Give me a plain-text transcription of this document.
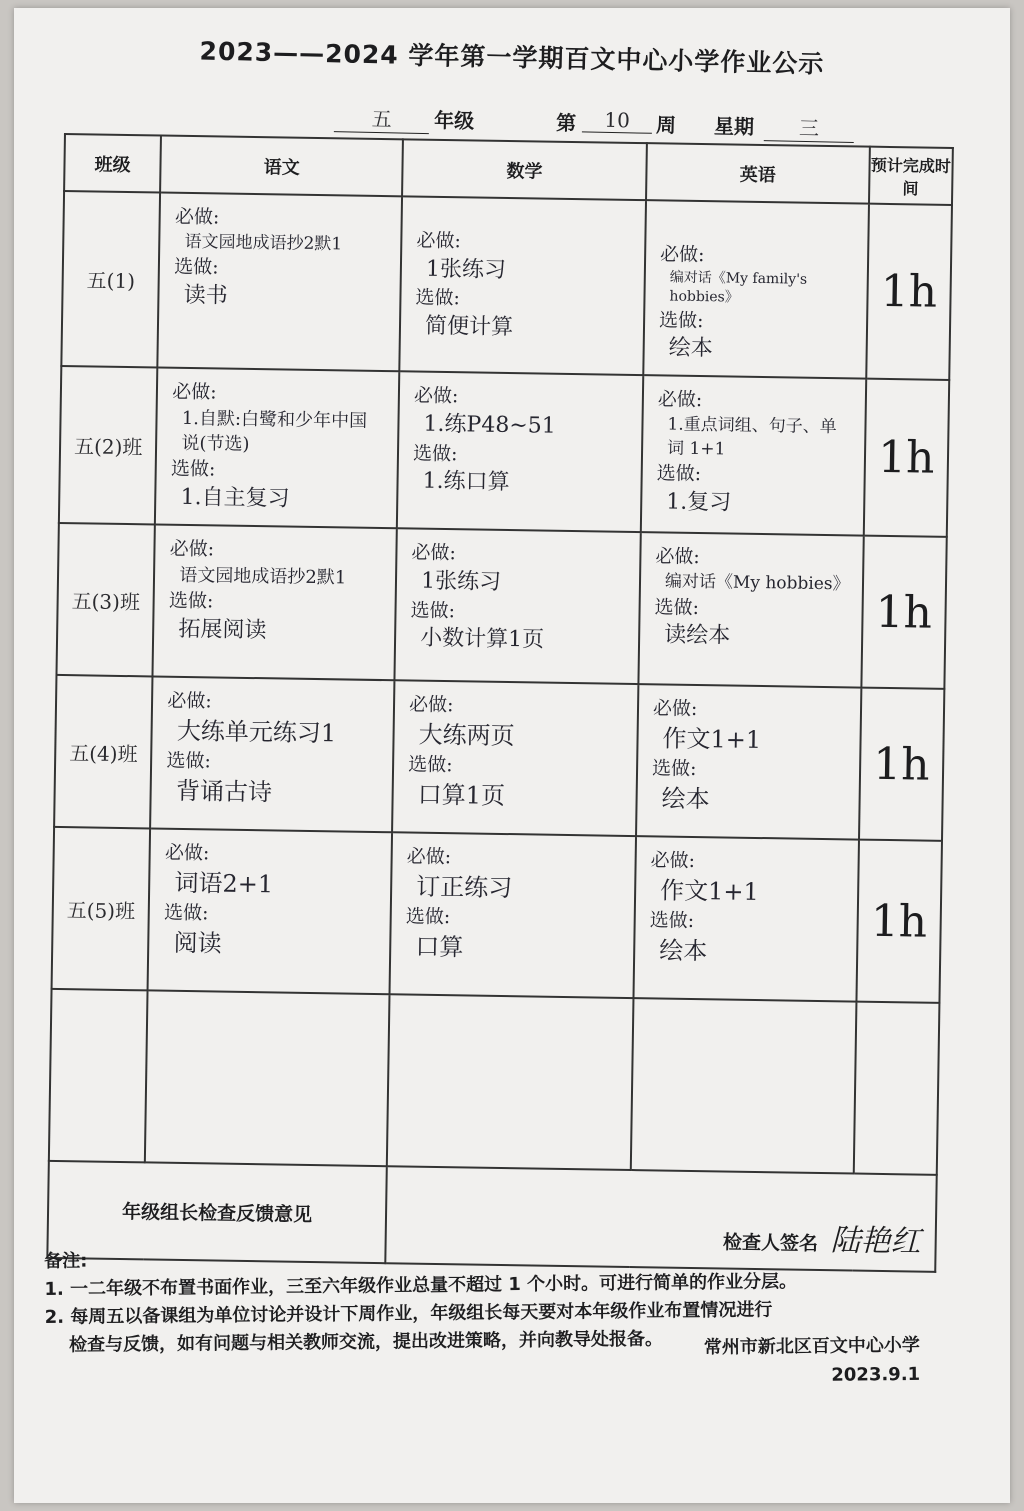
2023——2024 学年第一学期百文中心小学作业公示
五	年级	第	10	周 星期	三
班级	语文	数学	英语	预计完成时间
五(1)	必做:
语文园地成语抄2默1
选做:
读书	必做:
1张练习
选做:
简便计算	必做:
编对话《My family's hobbies》
选做:
绘本	1h
五(2)班	必做:
1.自默:白鹭和少年中国说(节选)
选做:
1.自主复习	必做:
1.练P48~51
选做:
1.练口算	必做:
1.重点词组、句子、单词 1+1
选做:
1.复习	1h
五(3)班	必做:
语文园地成语抄2默1
选做:
拓展阅读	必做:
1张练习
选做:
小数计算1页	必做:
编对话《My hobbies》
选做:
读绘本	1h
五(4)班	必做:
大练单元练习1
选做:
背诵古诗	必做:
大练两页
选做:
口算1页	必做:
作文1+1
选做:
绘本	1h
五(5)班	必做:
词语2+1
选做:
阅读	必做:
订正练习
选做:
口算	必做:
作文1+1
选做:
绘本	1h

年级组长检查反馈意见		检查人签名 陆艳红		
备注:
1. 一二年级不布置书面作业，三至六年级作业总量不超过 1 个小时。可进行简单的作业分层。
2. 每周五以备课组为单位讨论并设计下周作业，年级组长每天要对本年级作业布置情况进行
检查与反馈，如有问题与相关教师交流，提出改进策略，并向教导处报备。	常州市新北区百文中心小学
2023.9.1
